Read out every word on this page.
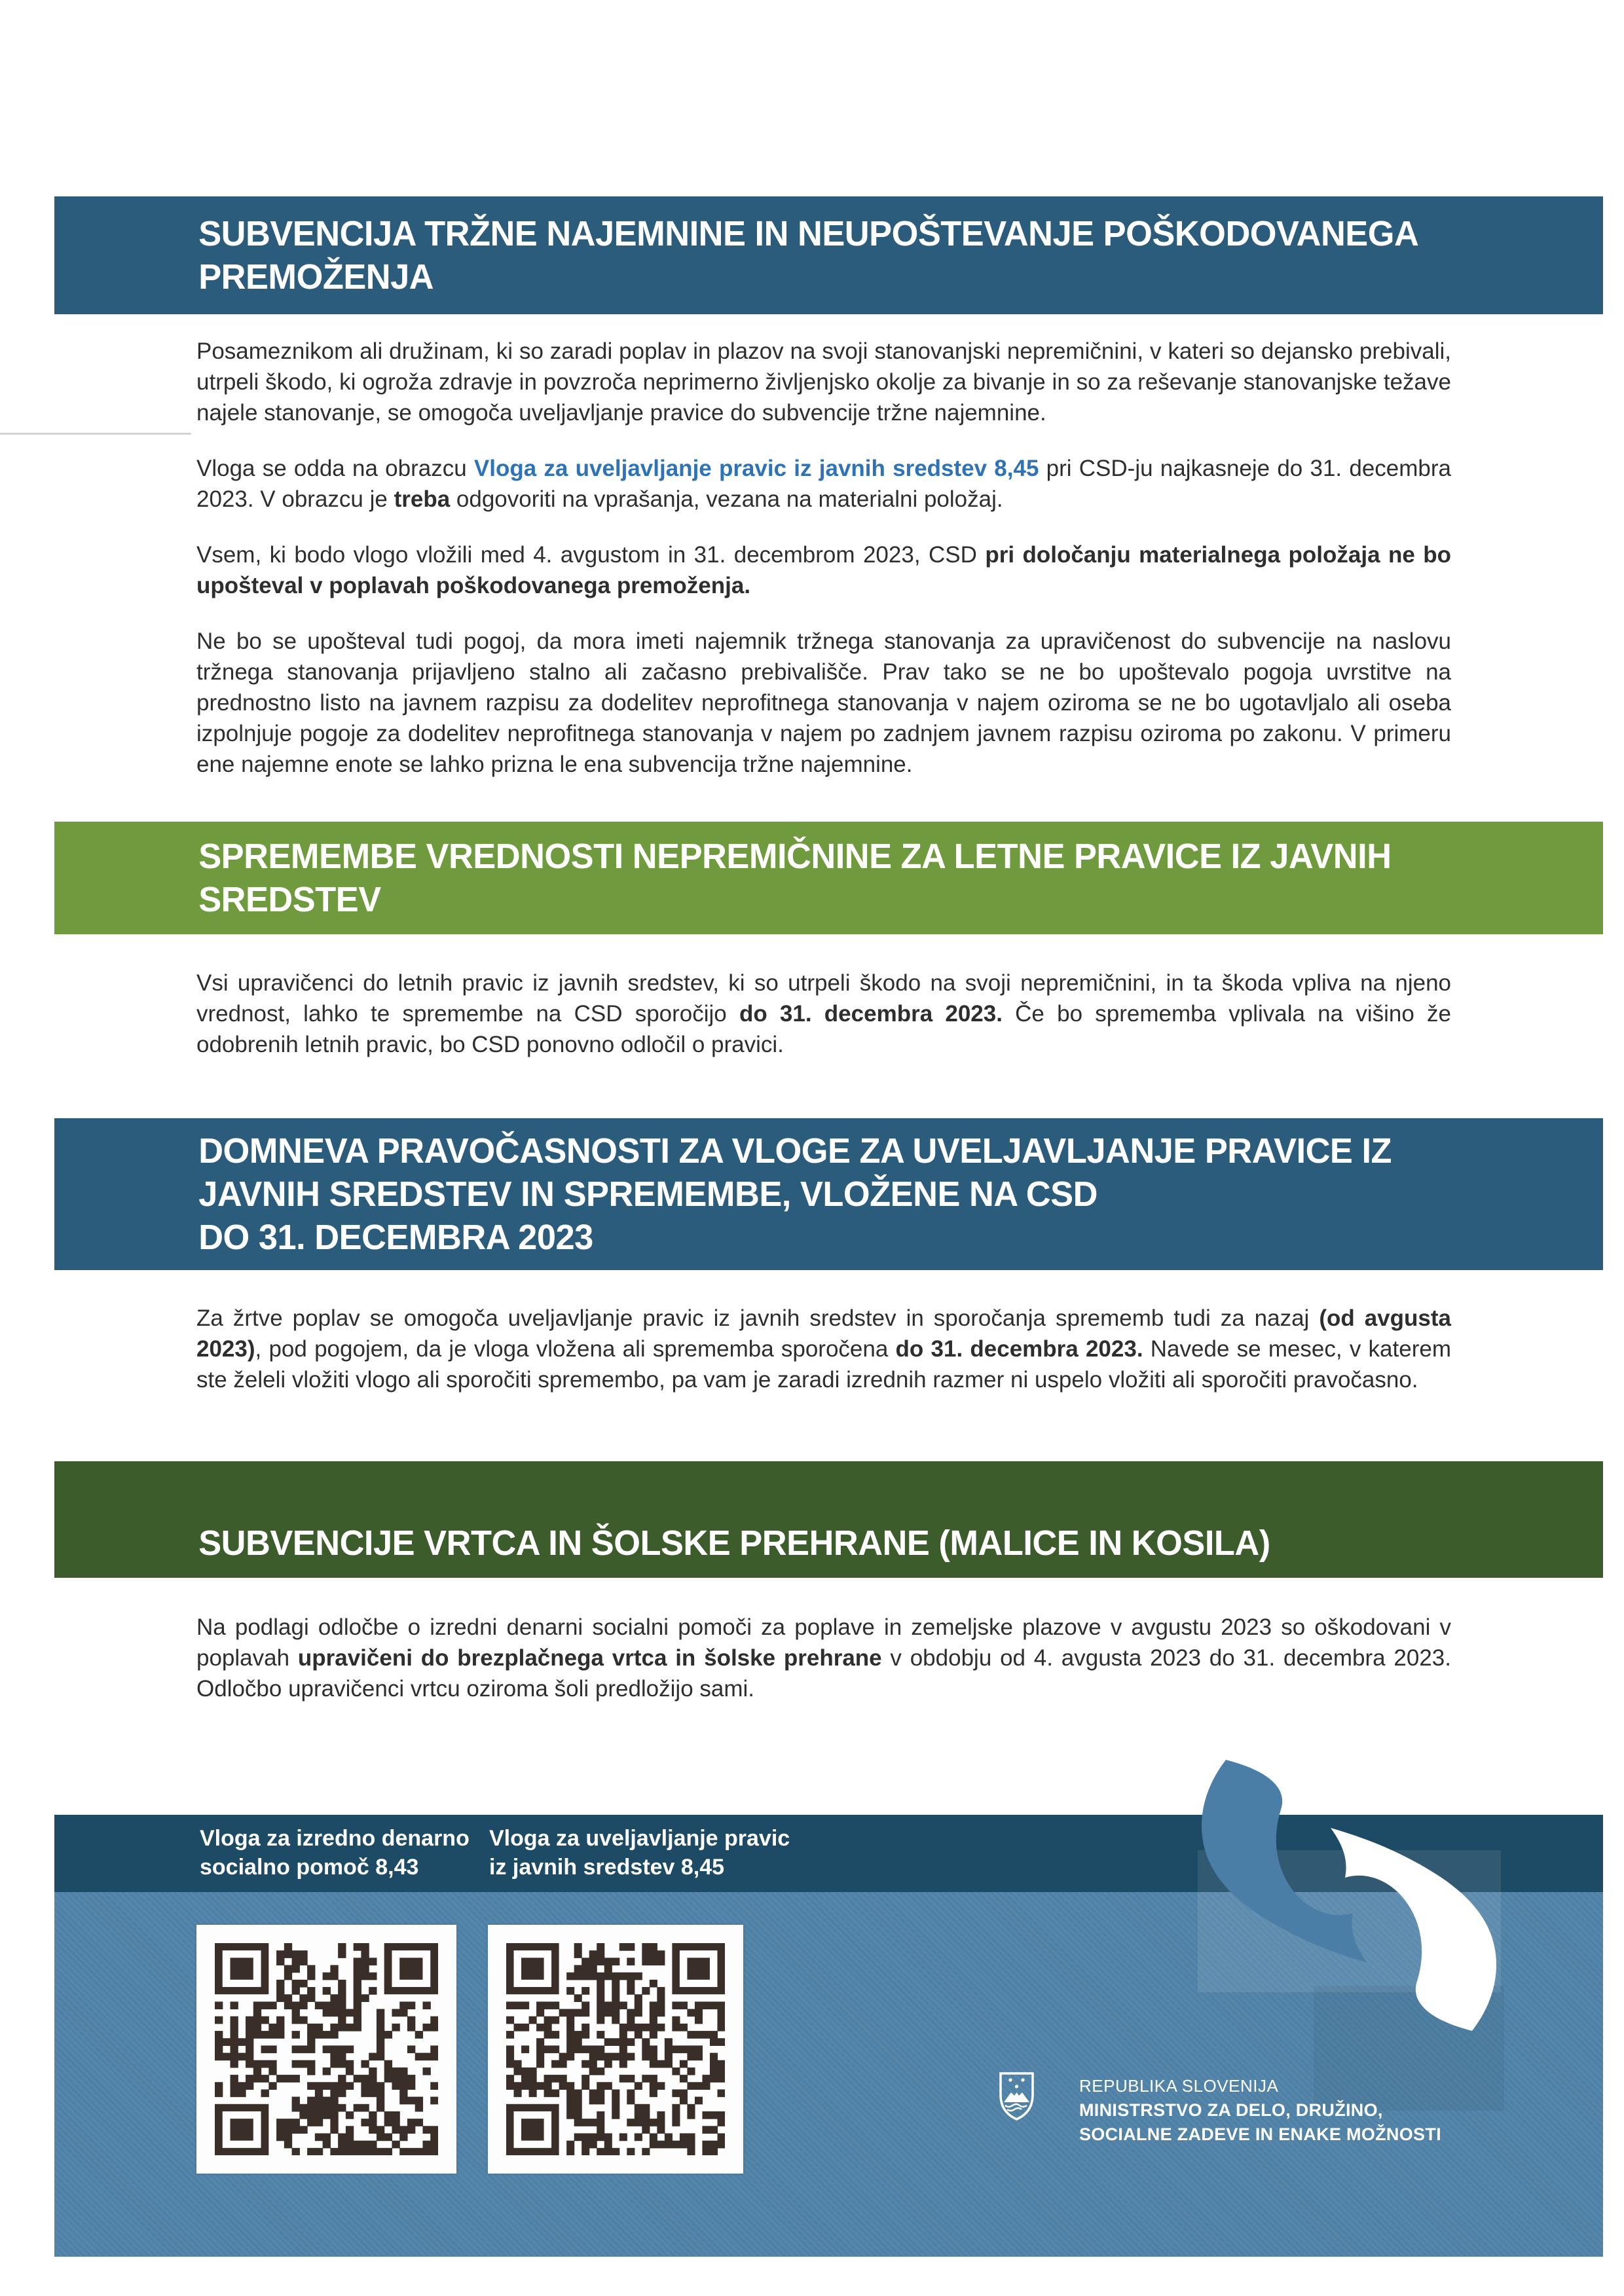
SUBVENCIJA TRŽNE NAJEMNINE IN NEUPOŠTEVANJE POŠKODOVANEGA
PREMOŽENJA

Posameznikom ali družinam, ki so zaradi poplav in plazov na svoji stanovanjski nepremičnini, v kateri so dejansko prebivali, utrpeli škodo, ki ogroža zdravje in povzroča neprimerno življenjsko okolje za bivanje in so za reševanje stanovanjske težave najele stanovanje, se omogoča uveljavljanje pravice do subvencije tržne najemnine.

Vloga se odda na obrazcu Vloga za uveljavljanje pravic iz javnih sredstev 8,45 pri CSD-ju najkasneje do 31. decembra 2023. V obrazcu je treba odgovoriti na vprašanja, vezana na materialni položaj.

Vsem, ki bodo vlogo vložili med 4. avgustom in 31. decembrom 2023, CSD pri določanju materialnega položaja ne bo upošteval v poplavah poškodovanega premoženja.

Ne bo se upošteval tudi pogoj, da mora imeti najemnik tržnega stanovanja za upravičenost do subvencije na naslovu tržnega stanovanja prijavljeno stalno ali začasno prebivališče. Prav tako se ne bo upoštevalo pogoja uvrstitve na prednostno listo na javnem razpisu za dodelitev neprofitnega stanovanja v najem oziroma se ne bo ugotavljalo ali oseba izpolnjuje pogoje za dodelitev neprofitnega stanovanja v najem po zadnjem javnem razpisu oziroma po zakonu. V primeru ene najemne enote se lahko prizna le ena subvencija tržne najemnine.

SPREMEMBE VREDNOSTI NEPREMIČNINE ZA LETNE PRAVICE IZ JAVNIH
SREDSTEV

Vsi upravičenci do letnih pravic iz javnih sredstev, ki so utrpeli škodo na svoji nepremičnini, in ta škoda vpliva na njeno vrednost, lahko te spremembe na CSD sporočijo do 31. decembra 2023. Če bo sprememba vplivala na višino že odobrenih letnih pravic, bo CSD ponovno odločil o pravici.

DOMNEVA PRAVOČASNOSTI ZA VLOGE ZA UVELJAVLJANJE PRAVICE IZ
JAVNIH SREDSTEV IN SPREMEMBE, VLOŽENE NA CSD
DO 31. DECEMBRA 2023

Za žrtve poplav se omogoča uveljavljanje pravic iz javnih sredstev in sporočanja sprememb tudi za nazaj (od avgusta 2023), pod pogojem, da je vloga vložena ali sprememba sporočena do 31. decembra 2023. Navede se mesec, v katerem ste želeli vložiti vlogo ali sporočiti spremembo, pa vam je zaradi izrednih razmer ni uspelo vložiti ali sporočiti pravočasno.

SUBVENCIJE VRTCA IN ŠOLSKE PREHRANE (MALICE IN KOSILA)

Na podlagi odločbe o izredni denarni socialni pomoči za poplave in zemeljske plazove v avgustu 2023 so oškodovani v poplavah upravičeni do brezplačnega vrtca in šolske prehrane v obdobju od 4. avgusta 2023 do 31. decembra 2023. Odločbo upravičenci vrtcu oziroma šoli predložijo sami.

Vloga za izredno denarno
socialno pomoč 8,43
Vloga za uveljavljanje pravic
iz javnih sredstev 8,45
REPUBLIKA SLOVENIJA
MINISTRSTVO ZA DELO, DRUŽINO,
SOCIALNE ZADEVE IN ENAKE MOŽNOSTI
